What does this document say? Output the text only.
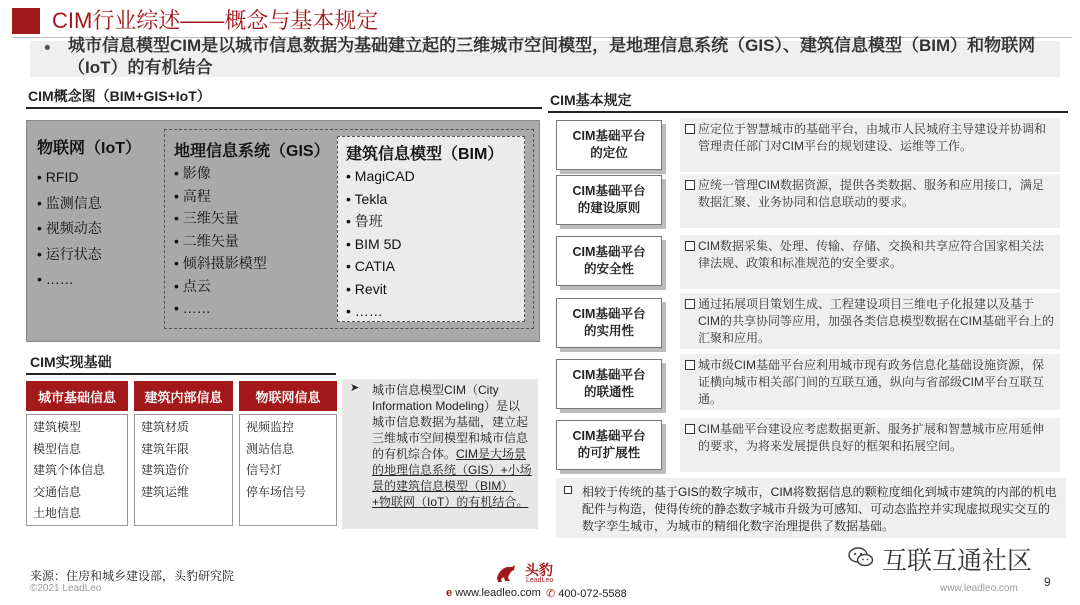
CIM行业综述——概念与基本规定
• 城市信息模型CIM是以城市信息数据为基础建立起的三维城市空间模型，是地理信息系统（GIS）、建筑信息模型（BIM）和物联网（IoT）的有机结合
CIM概念图（BIM+GIS+IoT）
物联网（IoT）
• RFID
• 监测信息
• 视频动态
• 运行状态
• ……
地理信息系统（GIS）
• 影像
• 高程
• 三维矢量
• 二维矢量
• 倾斜摄影模型
• 点云
• ……
建筑信息模型（BIM）
• MagiCAD
• Tekla
• 鲁班
• BIM 5D
• CATIA
• Revit
• ……
CIM基本规定
CIM基础平台
的定位
应定位于智慧城市的基础平台，由城市人民城府主导建设并协调和管理责任部门对CIM平台的规划建设、运维等工作。
CIM基础平台
的建设原则
应统一管理CIM数据资源，提供各类数据、服务和应用接口，满足数据汇聚、业务协同和信息联动的要求。
CIM基础平台
的安全性
CIM数据采集、处理、传输、存储、交换和共享应符合国家相关法律法规、政策和标准规范的安全要求。
CIM基础平台
的实用性
通过拓展项目策划生成、工程建设项目三维电子化报建以及基于CIM的共享协同等应用，加强各类信息模型数据在CIM基础平台上的汇聚和应用。
CIM基础平台
的联通性
城市级CIM基础平台应利用城市现有政务信息化基础设施资源，保证横向城市相关部门间的互联互通，纵向与省部级CIM平台互联互通。
CIM基础平台
的可扩展性
CIM基础平台建设应考虑数据更新、服务扩展和智慧城市应用延伸的要求，为将来发展提供良好的框架和拓展空间。
CIM实现基础
城市基础信息	建筑内部信息	物联网信息
建筑模型
模型信息
建筑个体信息
交通信息
土地信息
建筑材质
建筑年限
建筑造价
建筑运维
视频监控
测站信息
信号灯
停车场信号
城市信息模型CIM（City Information Modeling）是以城市信息数据为基础，建立起三维城市空间模型和城市信息的有机综合体。CIM是大场景的地理信息系统（GIS）+小场景的建筑信息模型（BIM）+物联网（IoT）的有机结合。
➤
相较于传统的基于GIS的数字城市，CIM将数据信息的颗粒度细化到城市建筑的内部的机电配件与构造，使得传统的静态数字城市升级为可感知、可动态监控并实现虚拟现实交互的数字孪生城市，为城市的精细化数字治理提供了数据基础。
来源：住房和城乡建设部，头豹研究院
©2021 LeadLeo
头豹
LeadLeo
e www.leadleo.com ✆ 400-072-5588
互联互通社区
www.leadleo.com 9
